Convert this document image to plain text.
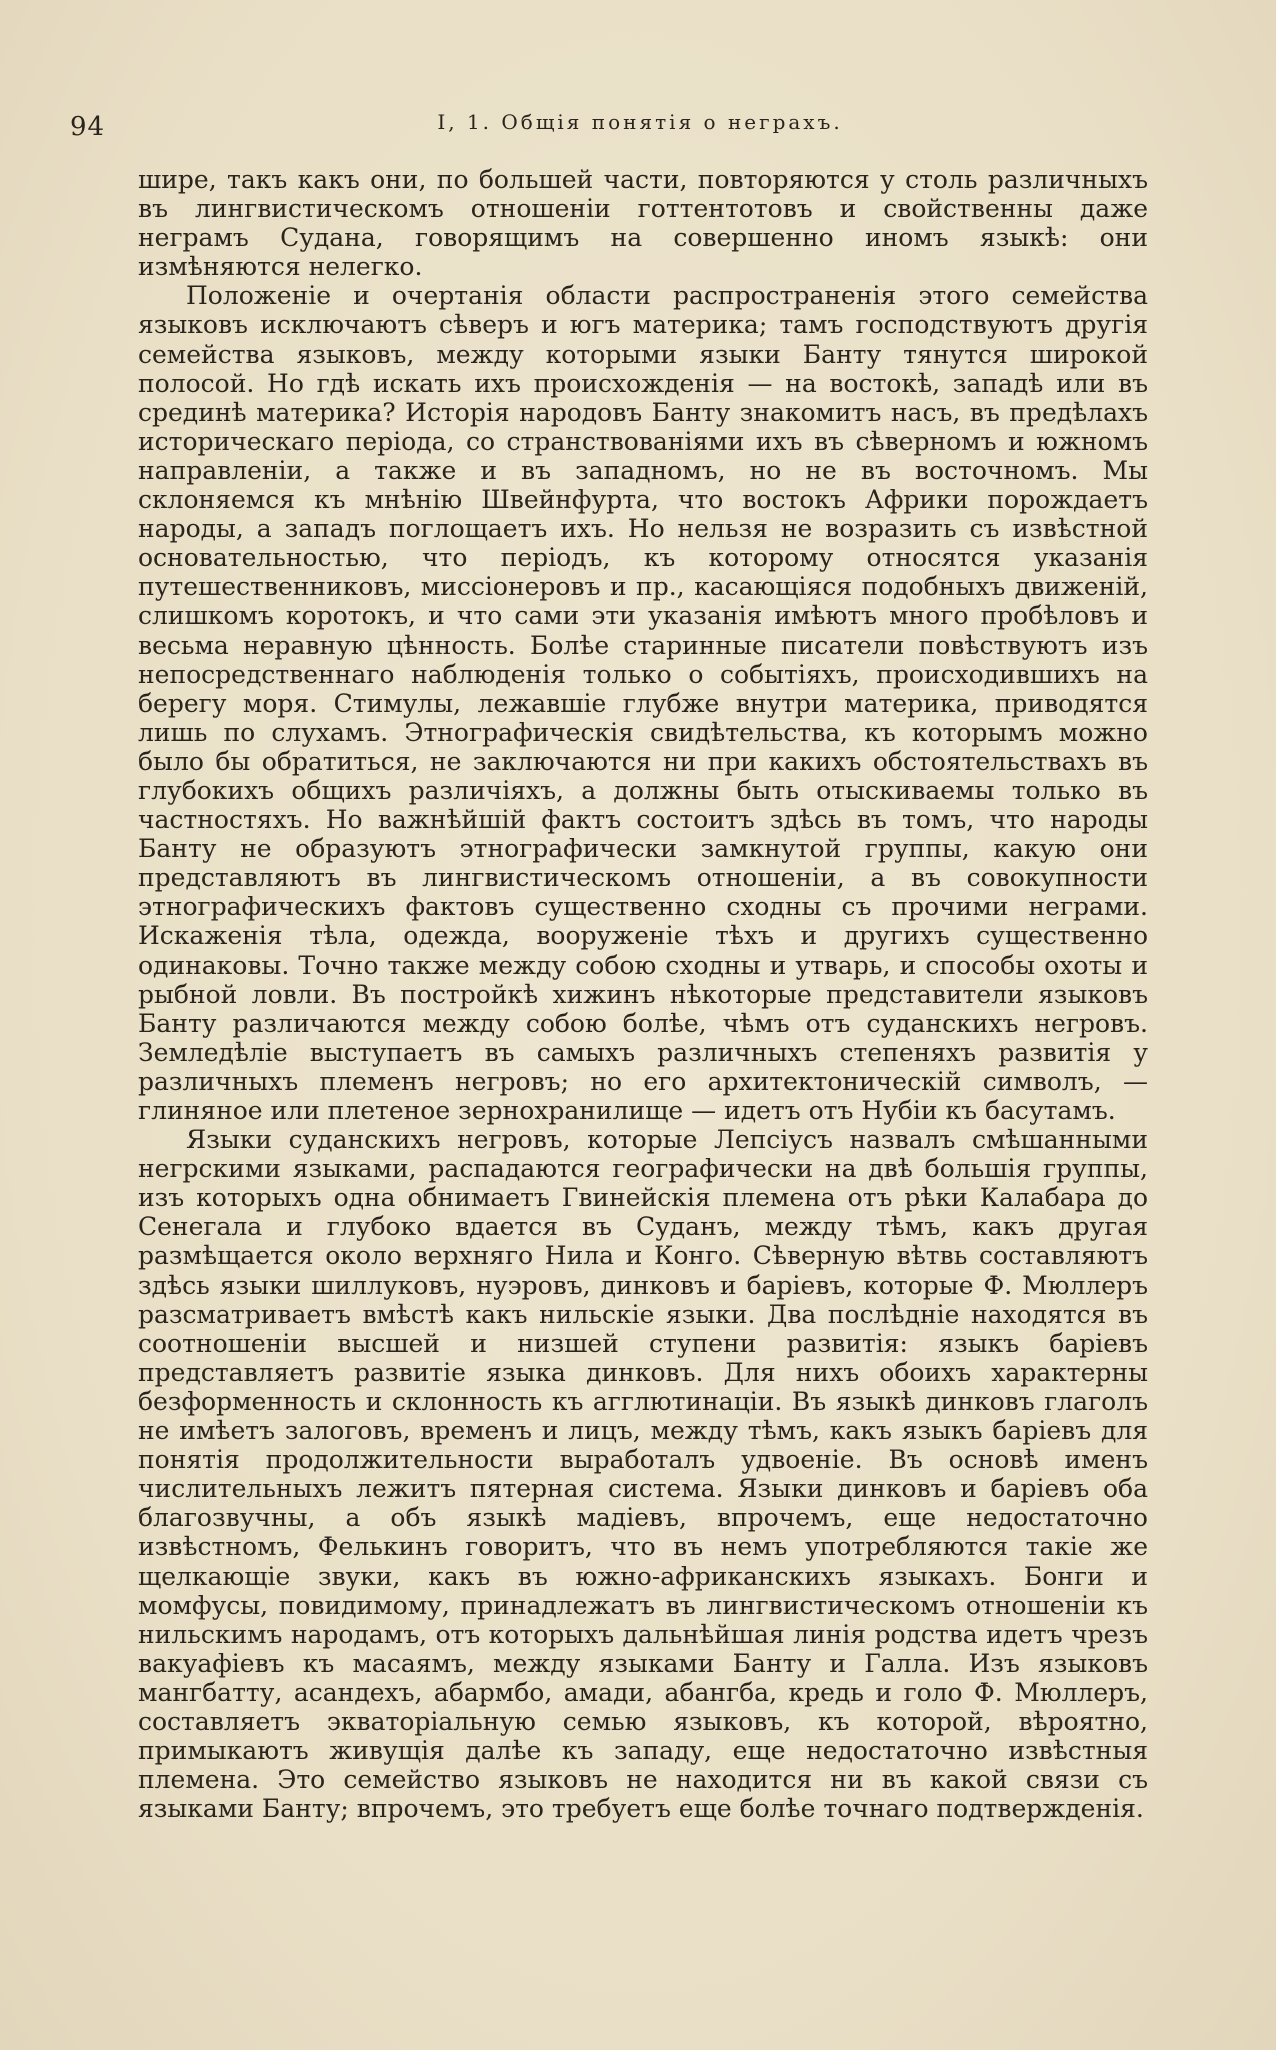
94	I, 1. Общія понятія о неграхъ.

шире, такъ какъ они, по большей части, повторяются у столь различныхъ въ лингвистическомъ отношеніи готтентотовъ и свойственны даже неграмъ Судана, говорящимъ на совершенно иномъ языкѣ: они измѣняются нелегко.

Положеніе и очертанія области распространенія этого семейства языковъ исключаютъ сѣверъ и югъ материка; тамъ господствуютъ другія семейства языковъ, между которыми языки Банту тянутся широкой полосой. Но гдѣ искать ихъ происхожденія — на востокѣ, западѣ или въ срединѣ материка? Исторія народовъ Банту знакомитъ насъ, въ предѣлахъ историческаго періода, со странствованіями ихъ въ сѣверномъ и южномъ направленіи, а также и въ западномъ, но не въ восточномъ. Мы склоняемся къ мнѣнію Швейнфурта, что востокъ Африки порождаетъ народы, а западъ поглощаетъ ихъ. Но нельзя не возразить съ извѣстной основательностью, что періодъ, къ которому относятся указанія путешественниковъ, миссіонеровъ и пр., касающіяся подобныхъ движеній, слишкомъ коротокъ, и что сами эти указанія имѣютъ много пробѣловъ и весьма неравную цѣнность. Болѣе старинные писатели повѣствуютъ изъ непосредственнаго наблюденія только о событіяхъ, происходившихъ на берегу моря. Стимулы, лежавшіе глубже внутри материка, приводятся лишь по слухамъ. Этнографическія свидѣтельства, къ которымъ можно было бы обратиться, не заключаются ни при какихъ обстоятельствахъ въ глубокихъ общихъ различіяхъ, а должны быть отыскиваемы только въ частностяхъ. Но важнѣйшій фактъ состоитъ здѣсь въ томъ, что народы Банту не образуютъ этнографически замкнутой группы, какую они представляютъ въ лингвистическомъ отношеніи, а въ совокупности этнографическихъ фактовъ существенно сходны съ прочими неграми. Искаженія тѣла, одежда, вооруженіе тѣхъ и другихъ существенно одинаковы. Точно также между собою сходны и утварь, и способы охоты и рыбной ловли. Въ постройкѣ хижинъ нѣкоторые представители языковъ Банту различаются между собою болѣе, чѣмъ отъ суданскихъ негровъ. Земледѣліе выступаетъ въ самыхъ различныхъ степеняхъ развитія у различныхъ племенъ негровъ; но его архитектоническій символъ, — глиняное или плетеное зернохранилище — идетъ отъ Нубіи къ басутамъ.

Языки суданскихъ негровъ, которые Лепсіусъ назвалъ смѣшанными негрскими языками, распадаются географически на двѣ большія группы, изъ которыхъ одна обнимаетъ Гвинейскія племена отъ рѣки Калабара до Сенегала и глубоко вдается въ Суданъ, между тѣмъ, какъ другая размѣщается около верхняго Нила и Конго. Сѣверную вѣтвь составляютъ здѣсь языки шиллуковъ, нуэровъ, динковъ и барiевъ, которые Ф. Мюллеръ разсматриваетъ вмѣстѣ какъ нильскіе языки. Два послѣдніе находятся въ соотношеніи высшей и низшей ступени развитія: языкъ барiевъ представляетъ развитіе языка динковъ. Для нихъ обоихъ характерны безформенность и склонность къ агглютинаціи. Въ языкѣ динковъ глаголъ не имѣетъ залоговъ, временъ и лицъ, между тѣмъ, какъ языкъ барiевъ для понятія продолжительности выработалъ удвоеніе. Въ основѣ именъ числительныхъ лежитъ пятерная система. Языки динковъ и барiевъ оба благозвучны, а объ языкѣ мадiевъ, впрочемъ, еще недостаточно извѣстномъ, Фелькинъ говоритъ, что въ немъ употребляются такіе же щелкающіе звуки, какъ въ южно-африканскихъ языкахъ. Бонги и момфусы, повидимому, принадлежатъ въ лингвистическомъ отношеніи къ нильскимъ народамъ, отъ которыхъ дальнѣйшая линія родства идетъ чрезъ вакуафiевъ къ масаямъ, между языками Банту и Галла. Изъ языковъ мангбатту, асандехъ, абармбо, амади, абангба, кредь и голо Ф. Мюллеръ, составляетъ экваторіальную семью языковъ, къ которой, вѣроятно, примыкаютъ живущія далѣе къ западу, еще недостаточно извѣстныя племена. Это семейство языковъ не находится ни въ какой связи съ языками Банту; впрочемъ, это требуетъ еще болѣе точнаго подтвержденія.
